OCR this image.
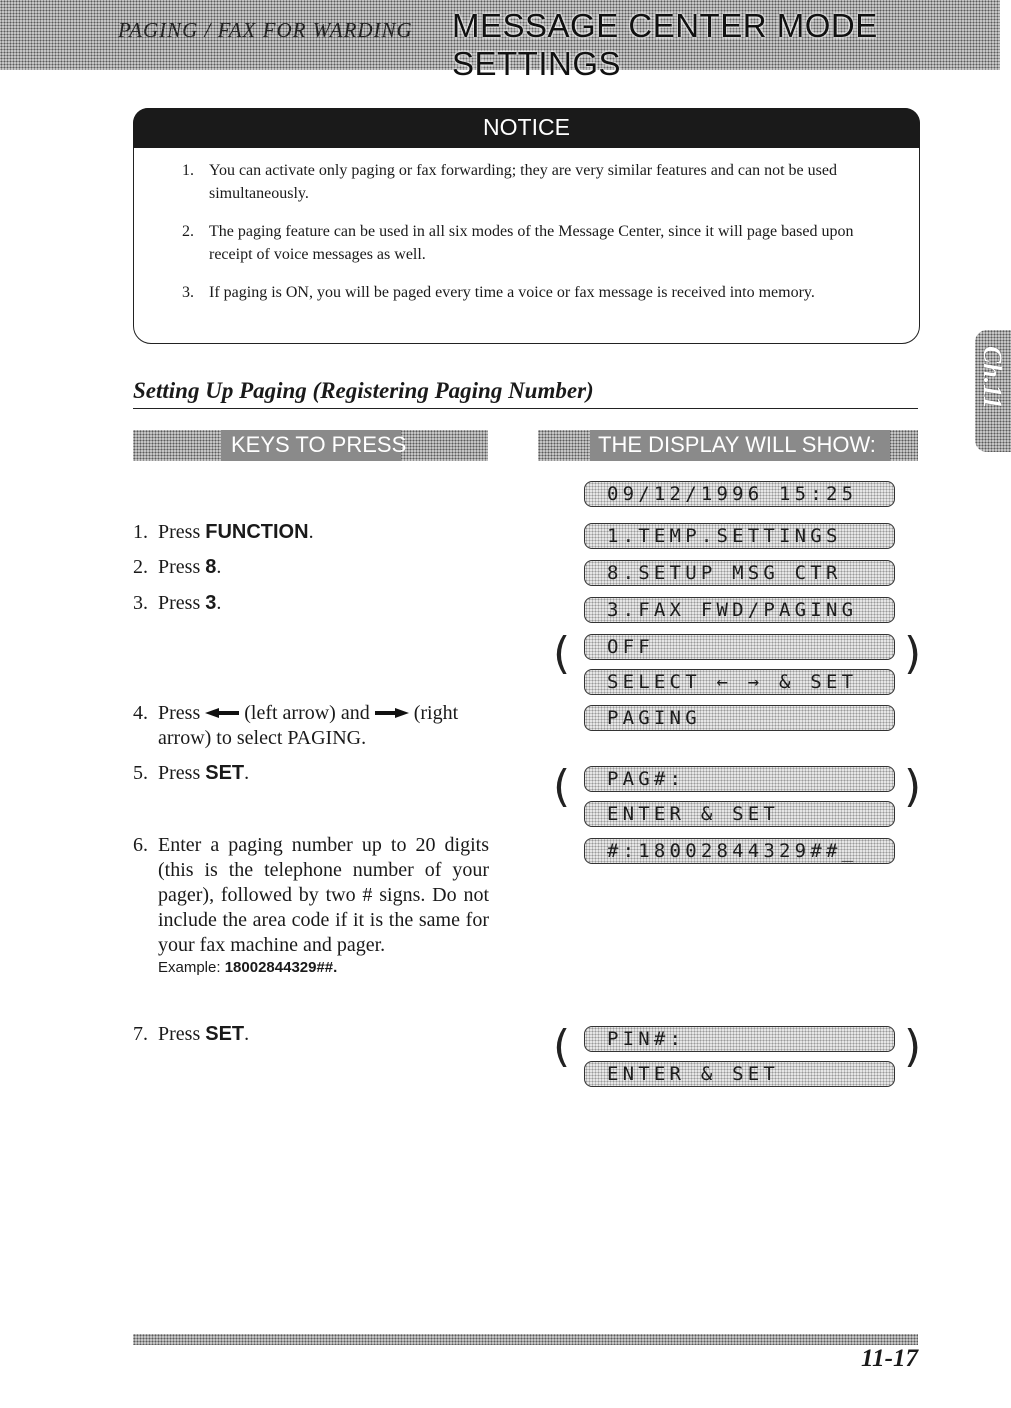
PAGING / FAX FOR WARDING MESSAGE CENTER MODE SETTINGS
NOTICE
1. You can activate only paging or fax forwarding; they are very similar features and can not be used simultaneously.
2. The paging feature can be used in all six modes of the Message Center, since it will page based upon receipt of voice messages as well.
3. If paging is ON, you will be paged every time a voice or fax message is received into memory.
Setting Up Paging (Registering Paging Number)
KEYS TO PRESS	THE DISPLAY WILL SHOW:
1. Press FUNCTION.
2. Press 8.
3. Press 3.
4. Press  (left arrow) and  (right arrow) to select PAGING.
5. Press SET.
6. Enter a paging number up to 20 digits (this is the telephone number of your pager), followed by two # signs. Do not include the area code if it is the same for your fax machine and pager.
Example: 18002844329##.
7. Press SET.
09/12/1996 15:25
1.TEMP.SETTINGS
8.SETUP MSG CTR
3.FAX FWD/PAGING
(	)
OFF
SELECT ← → & SET
PAGING
(	)
PAG#:
ENTER & SET
#:18002844329##_
(	)
PIN#:
ENTER & SET
Ch.11
11-17
